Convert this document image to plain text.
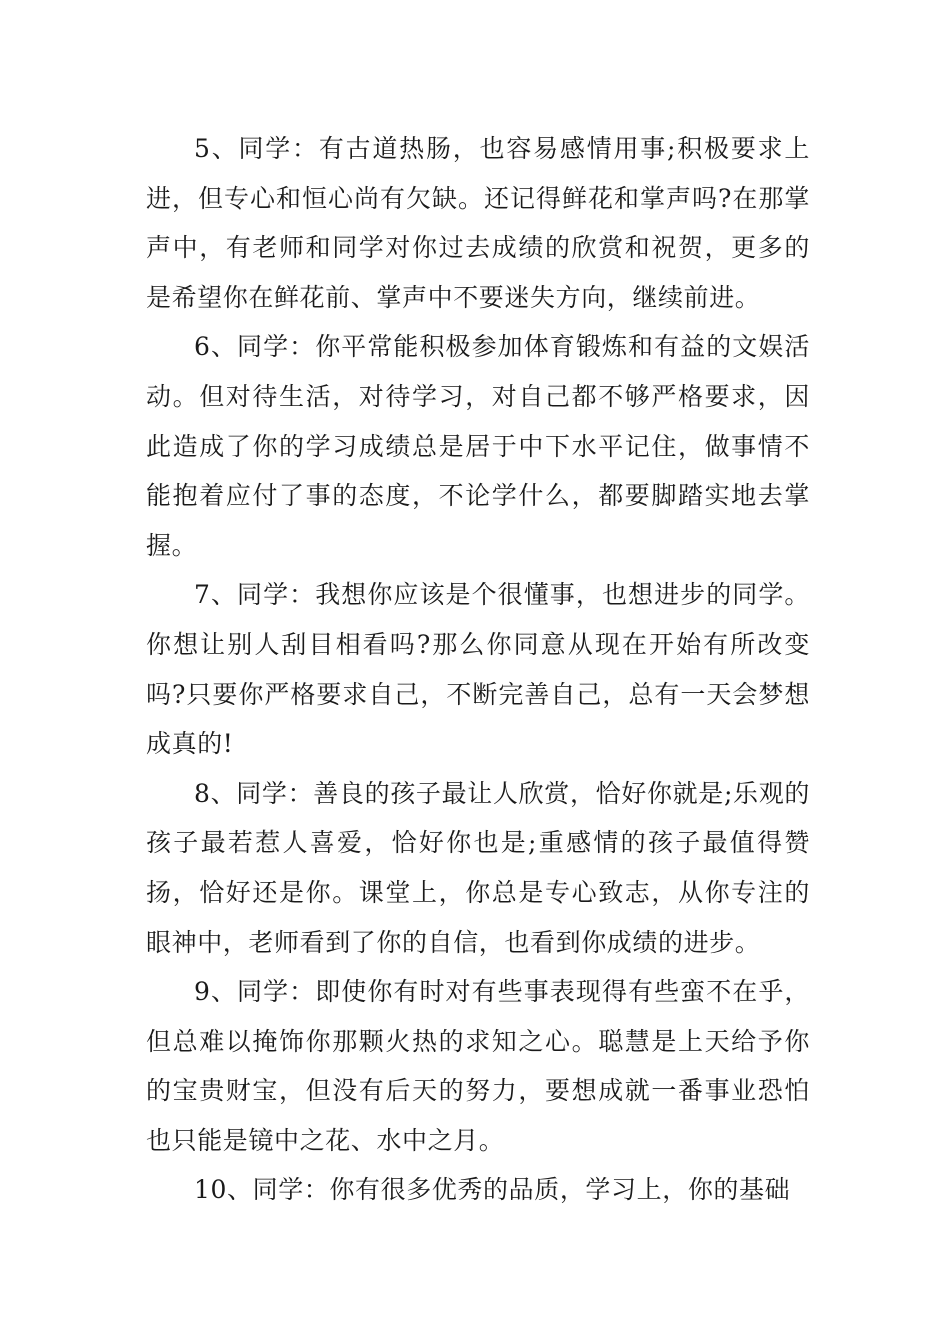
5、同学：有古道热肠，也容易感情用事;积极要求上进，但专心和恒心尚有欠缺。还记得鲜花和掌声吗?在那掌声中，有老师和同学对你过去成绩的欣赏和祝贺，更多的是希望你在鲜花前、掌声中不要迷失方向，继续前进。

6、同学：你平常能积极参加体育锻炼和有益的文娱活动。但对待生活，对待学习，对自己都不够严格要求，因此造成了你的学习成绩总是居于中下水平记住，做事情不能抱着应付了事的态度，不论学什么，都要脚踏实地去掌握。

7、同学：我想你应该是个很懂事，也想进步的同学。你想让别人刮目相看吗?那么你同意从现在开始有所改变吗?只要你严格要求自己，不断完善自己，总有一天会梦想成真的!

8、同学：善良的孩子最让人欣赏，恰好你就是;乐观的孩子最若惹人喜爱，恰好你也是;重感情的孩子最值得赞扬，恰好还是你。课堂上，你总是专心致志，从你专注的眼神中，老师看到了你的自信，也看到你成绩的进步。

9、同学：即使你有时对有些事表现得有些蛮不在乎，但总难以掩饰你那颗火热的求知之心。聪慧是上天给予你的宝贵财宝，但没有后天的努力，要想成就一番事业恐怕也只能是镜中之花、水中之月。

10、同学：你有很多优秀的品质，学习上，你的基础
